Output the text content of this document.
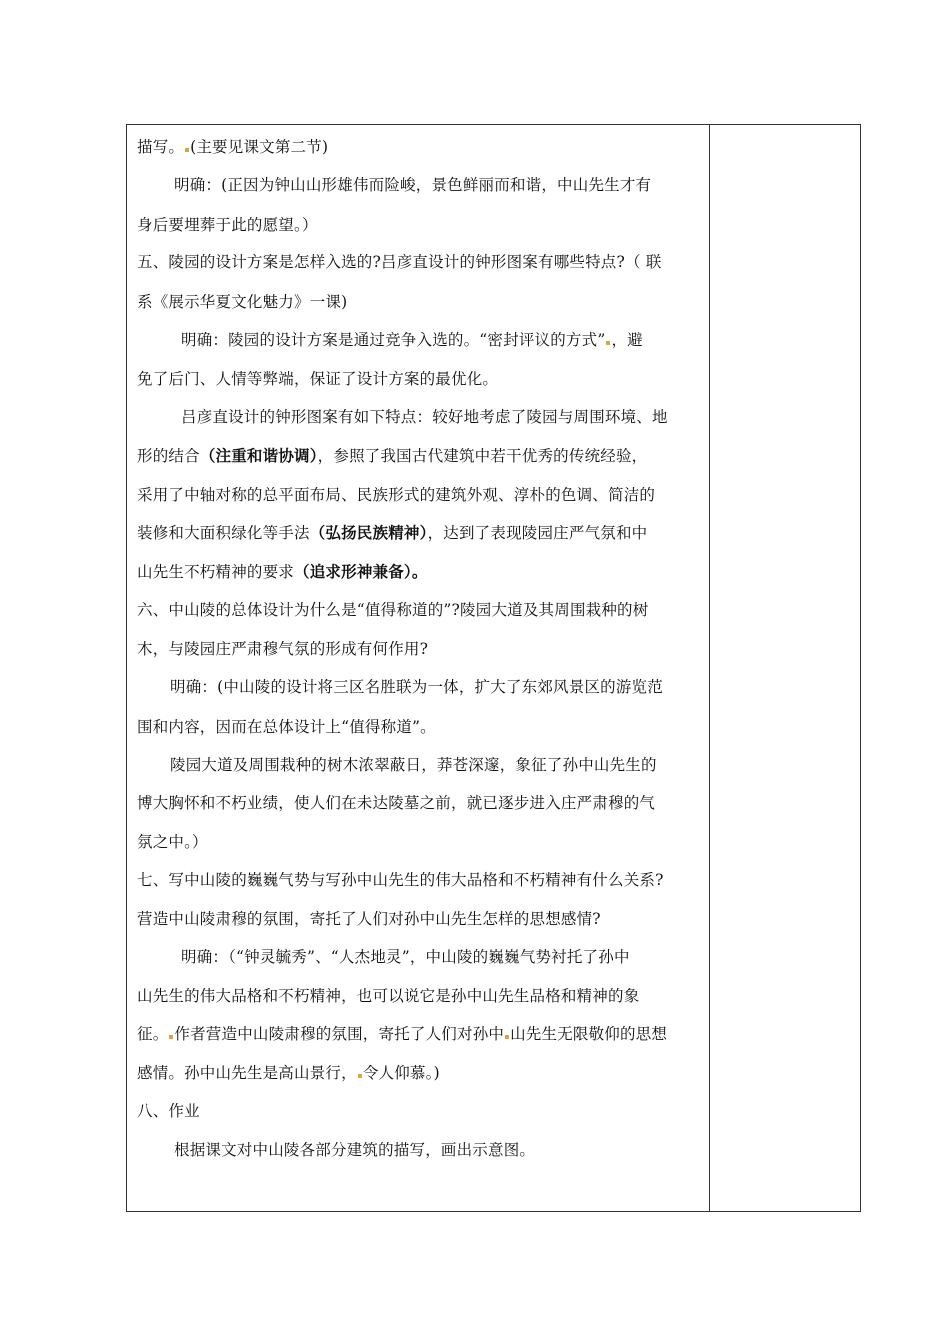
描写。 (主要见课文第二节)
明确：(正因为钟山山形雄伟而险峻，景色鲜丽而和谐，中山先生才有
身后要埋葬于此的愿望。）
五、陵园的设计方案是怎样入选的?吕彦直设计的钟形图案有哪些特点?（ 联
系《展示华夏文化魅力》一课)
明确：陵园的设计方案是通过竞争入选的。“密封评议的方式” ，避
免了后门、人情等弊端，保证了设计方案的最优化。
吕彦直设计的钟形图案有如下特点：较好地考虑了陵园与周围环境、地
形的结合（注重和谐协调），参照了我国古代建筑中若干优秀的传统经验，
采用了中轴对称的总平面布局、民族形式的建筑外观、淳朴的色调、简洁的
装修和大面积绿化等手法（弘扬民族精神），达到了表现陵园庄严气氛和中
山先生不朽精神的要求（追求形神兼备）。
六、中山陵的总体设计为什么是“值得称道的”?陵园大道及其周围栽种的树
木，与陵园庄严肃穆气氛的形成有何作用?
明确：(中山陵的设计将三区名胜联为一体，扩大了东郊风景区的游览范
围和内容，因而在总体设计上“值得称道”。
陵园大道及周围栽种的树木浓翠蔽日，莽苍深邃，象征了孙中山先生的
博大胸怀和不朽业绩，使人们在未达陵墓之前，就已逐步进入庄严肃穆的气
氛之中。）
七、写中山陵的巍巍气势与写孙中山先生的伟大品格和不朽精神有什么关系?
营造中山陵肃穆的氛围，寄托了人们对孙中山先生怎样的思想感情?
明确：（“钟灵毓秀”、“人杰地灵”，中山陵的巍巍气势衬托了孙中
山先生的伟大品格和不朽精神，也可以说它是孙中山先生品格和精神的象
征。 作者营造中山陵肃穆的氛围，寄托了人们对孙中 山先生无限敬仰的思想
感情。孙中山先生是高山景行， 令人仰慕。)
八、作业
根据课文对中山陵各部分建筑的描写，画出示意图。
